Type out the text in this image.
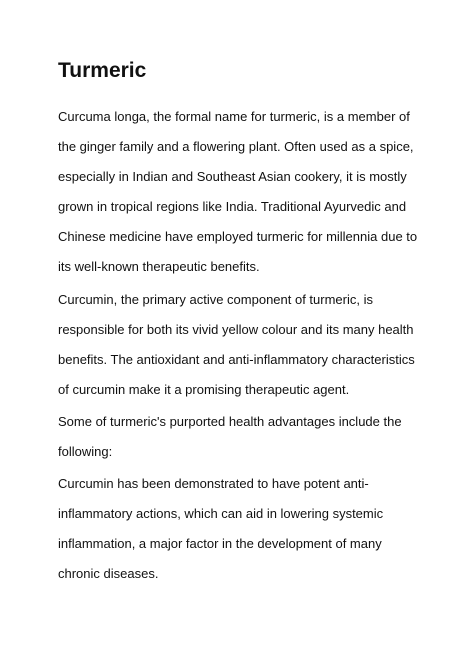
Turmeric
Curcuma longa, the formal name for turmeric, is a member of
the ginger family and a flowering plant. Often used as a spice,
especially in Indian and Southeast Asian cookery, it is mostly
grown in tropical regions like India. Traditional Ayurvedic and
Chinese medicine have employed turmeric for millennia due to
its well-known therapeutic benefits.
Curcumin, the primary active component of turmeric, is
responsible for both its vivid yellow colour and its many health
benefits. The antioxidant and anti-inflammatory characteristics
of curcumin make it a promising therapeutic agent.
Some of turmeric's purported health advantages include the
following:
Curcumin has been demonstrated to have potent anti-
inflammatory actions, which can aid in lowering systemic
inflammation, a major factor in the development of many
chronic diseases.
